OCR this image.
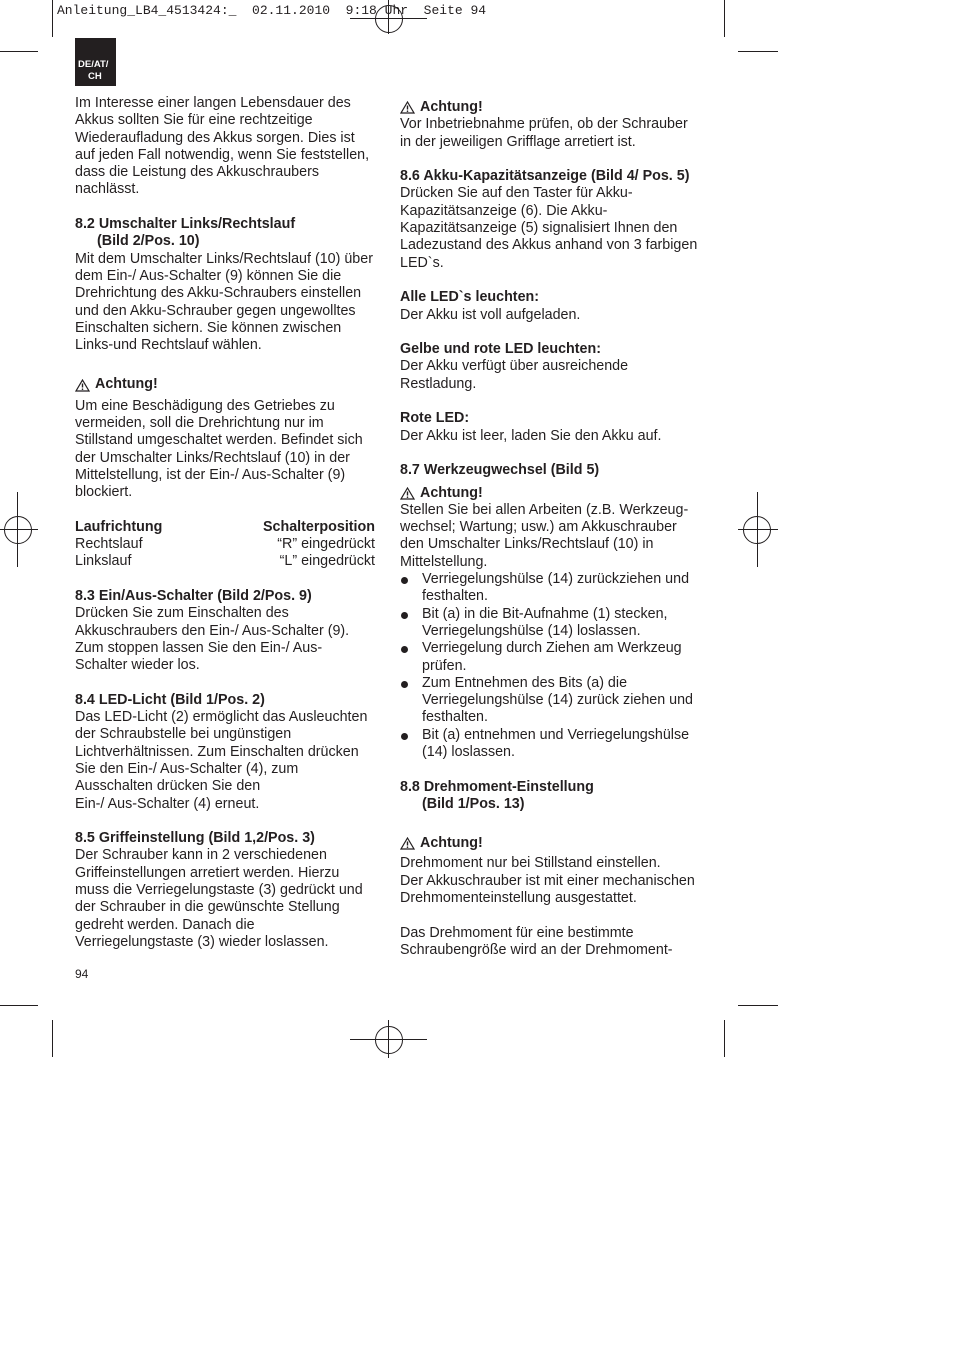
Anleitung_LB4_4513424:_  02.11.2010  9:18 Uhr  Seite 94
DE/AT/
CH

Im Interesse einer langen Lebensdauer des

Akkus sollten Sie für eine rechtzeitige

Wiederaufladung des Akkus sorgen. Dies ist

auf jeden Fall notwendig, wenn Sie feststellen,

dass die Leistung des Akkuschraubers

nachlässt.

8.2 Umschalter Links/Rechtslauf

(Bild 2/Pos. 10)

Mit dem Umschalter Links/Rechtslauf (10) über

dem Ein-/ Aus-Schalter (9) können Sie die

Drehrichtung des Akku-Schraubers einstellen

und den Akku-Schrauber gegen ungewolltes

Einschalten sichern. Sie können zwischen

Links-und Rechtslauf wählen.

Achtung!

Um eine Beschädigung des Getriebes zu

vermeiden, soll die Drehrichtung nur im

Stillstand umgeschaltet werden. Befindet sich

der Umschalter Links/Rechtslauf (10) in der

Mittelstellung, ist der Ein-/ Aus-Schalter (9)

blockiert.

Laufrichtung	Schalterposition
Rechtslauf	“R” eingedrückt
Linkslauf	“L” eingedrückt

8.3 Ein/Aus-Schalter (Bild 2/Pos. 9)

Drücken Sie zum Einschalten des

Akkuschraubers den Ein-/ Aus-Schalter (9).

Zum stoppen lassen Sie den Ein-/ Aus-

Schalter wieder los.

8.4 LED-Licht (Bild 1/Pos. 2)

Das LED-Licht (2) ermöglicht das Ausleuchten

der Schraubstelle bei ungünstigen

Lichtverhältnissen. Zum Einschalten drücken

Sie den Ein-/ Aus-Schalter (4), zum

Ausschalten drücken Sie den

Ein-/ Aus-Schalter (4) erneut.

8.5 Griffeinstellung (Bild 1,2/Pos. 3)

Der Schrauber kann in 2 verschiedenen

Griffeinstellungen arretiert werden. Hierzu

muss die Verriegelungstaste (3) gedrückt und

der Schrauber in die gewünschte Stellung

gedreht werden. Danach die

Verriegelungstaste (3) wieder loslassen.

Achtung!

Vor Inbetriebnahme prüfen, ob der Schrauber

in der jeweiligen Grifflage arretiert ist.

8.6 Akku-Kapazitätsanzeige (Bild 4/ Pos. 5)

Drücken Sie auf den Taster für Akku-

Kapazitätsanzeige (6). Die Akku-

Kapazitätsanzeige (5) signalisiert Ihnen den

Ladezustand des Akkus anhand von 3 farbigen

LED`s.

Alle LED`s leuchten:

Der Akku ist voll aufgeladen.

Gelbe und rote LED leuchten:

Der Akku verfügt über ausreichende

Restladung.

Rote LED:

Der Akku ist leer, laden Sie den Akku auf.

8.7 Werkzeugwechsel (Bild 5)

Achtung!

Stellen Sie bei allen Arbeiten (z.B. Werkzeug-

wechsel; Wartung; usw.) am Akkuschrauber

den Umschalter Links/Rechtslauf (10) in

Mittelstellung.

Verriegelungshülse (14) zurückziehen und

festhalten.

Bit (a) in die Bit-Aufnahme (1) stecken,

Verriegelungshülse (14) loslassen.

Verriegelung durch Ziehen am Werkzeug

prüfen.

Zum Entnehmen des Bits (a) die

Verriegelungshülse (14) zurück ziehen und

festhalten.

Bit (a) entnehmen und Verriegelungshülse

(14) loslassen.

8.8 Drehmoment-Einstellung

(Bild 1/Pos. 13)

Achtung!

Drehmoment nur bei Stillstand einstellen.

Der Akkuschrauber ist mit einer mechanischen

Drehmomenteinstellung ausgestattet.

Das Drehmoment für eine bestimmte

Schraubengröße wird an der Drehmoment-

94
